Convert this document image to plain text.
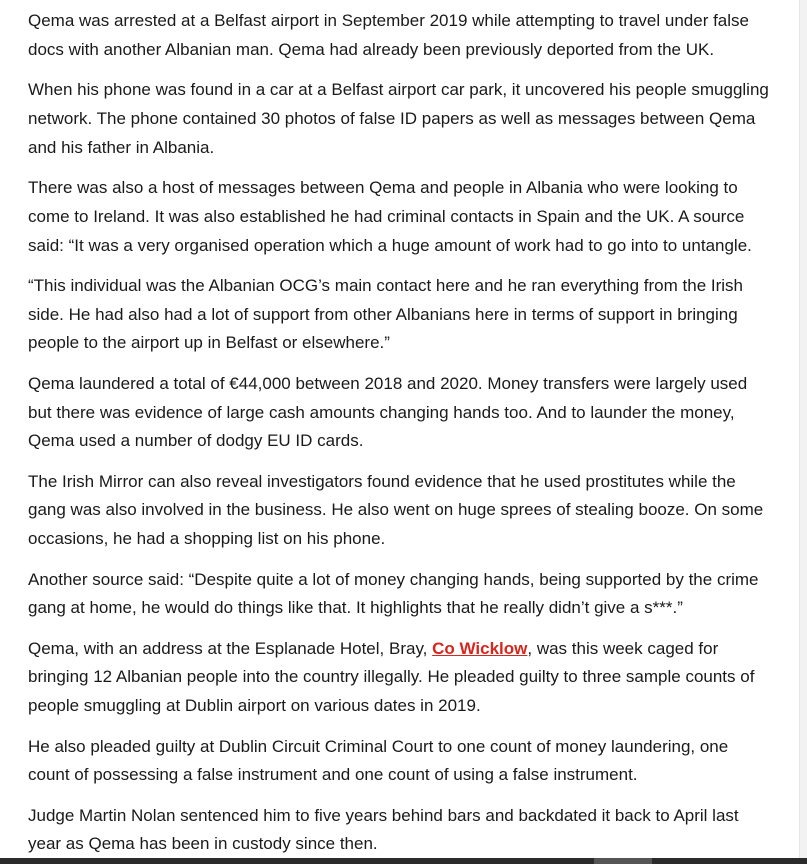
Qema was arrested at a Belfast airport in September 2019 while attempting to travel under false docs with another Albanian man. Qema had already been previously deported from the UK.

When his phone was found in a car at a Belfast airport car park, it uncovered his people smuggling network. The phone contained 30 photos of false ID papers as well as messages between Qema and his father in Albania.

There was also a host of messages between Qema and people in Albania who were looking to come to Ireland. It was also established he had criminal contacts in Spain and the UK. A source said: “It was a very organised operation which a huge amount of work had to go into to untangle.

“This individual was the Albanian OCG’s main contact here and he ran everything from the Irish side. He had also had a lot of support from other Albanians here in terms of support in bringing people to the airport up in Belfast or elsewhere.”

Qema laundered a total of €44,000 between 2018 and 2020. Money transfers were largely used but there was evidence of large cash amounts changing hands too. And to launder the money, Qema used a number of dodgy EU ID cards.

The Irish Mirror can also reveal investigators found evidence that he used prostitutes while the gang was also involved in the business. He also went on huge sprees of stealing booze. On some occasions, he had a shopping list on his phone.

Another source said: “Despite quite a lot of money changing hands, being supported by the crime gang at home, he would do things like that. It highlights that he really didn’t give a s***.”

Qema, with an address at the Esplanade Hotel, Bray, Co Wicklow, was this week caged for bringing 12 Albanian people into the country illegally. He pleaded guilty to three sample counts of people smuggling at Dublin airport on various dates in 2019.

He also pleaded guilty at Dublin Circuit Criminal Court to one count of money laundering, one count of possessing a false instrument and one count of using a false instrument.

Judge Martin Nolan sentenced him to five years behind bars and backdated it back to April last year as Qema has been in custody since then.
